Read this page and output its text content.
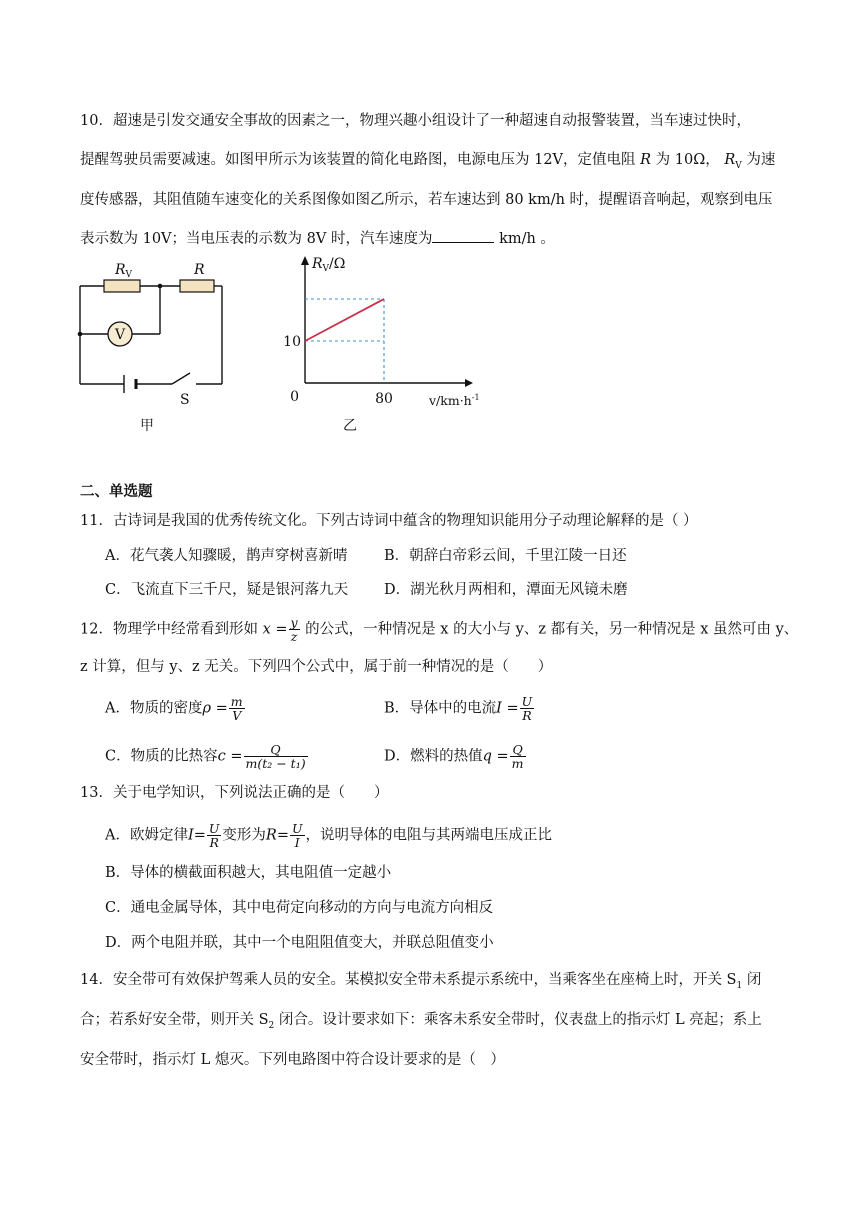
10．超速是引发交通安全事故的因素之一，物理兴趣小组设计了一种超速自动报警装置，当车速过快时，
提醒驾驶员需要减速。如图甲所示为该装置的简化电路图，电源电压为 12V，定值电阻 R 为 10Ω， $R_V$ 为速
度传感器，其阻值随车速变化的关系图像如图乙所示，若车速达到 80 km/h 时，提醒语音响起，观察到电压
表示数为 10V；当电压表的示数为 8V 时，汽车速度为	km/h 。
V
$R_V$	R
S
甲
10
0	80
$R_V/\Omega$
$v/km\cdot h^{-1}$
乙
二、单选题
11．古诗词是我国的优秀传统文化。下列古诗词中蕴含的物理知识能用分子动理论解释的是（ ）
A．花气袭人知骤暖，鹊声穿树喜新晴	B．朝辞白帝彩云间，千里江陵一日还
C．飞流直下三千尺，疑是银河落九天 D．湖光秋月两相和，潭面无风镜未磨
12．物理学中经常看到形如 $x = \frac{y}{z}$ 的公式，一种情况是 x 的大小与 y、z 都有关，另一种情况是 x 虽然可由 y、
z 计算，但与 y、z 无关。下列四个公式中，属于前一种情况的是（　　）
A．物质的密度$\rho = \frac{m}{V}$	B．导体中的电流$I = \frac{U}{R}$
C．物质的比热容$c = \frac{Q}{\text{m(t₂ − t₁)}}$	D．燃料的热值$q = \frac{Q}{m}$
13．关于电学知识，下列说法正确的是（　　）
A．欧姆定律$I= \frac{U}{R}$ 变形为$R= \frac{U}{I}$ ，说明导体的电阻与其两端电压成正比
B．导体的横截面积越大，其电阻值一定越小
C．通电金属导体，其中电荷定向移动的方向与电流方向相反
D．两个电阻并联，其中一个电阻阻值变大，并联总阻值变小
14．安全带可有效保护驾乘人员的安全。某模拟安全带未系提示系统中，当乘客坐在座椅上时，开关 $S_1$ 闭
合；若系好安全带，则开关 $S_2$ 闭合。设计要求如下：乘客未系安全带时，仪表盘上的指示灯 L 亮起；系上
安全带时，指示灯 L 熄灭。下列电路图中符合设计要求的是（　）
